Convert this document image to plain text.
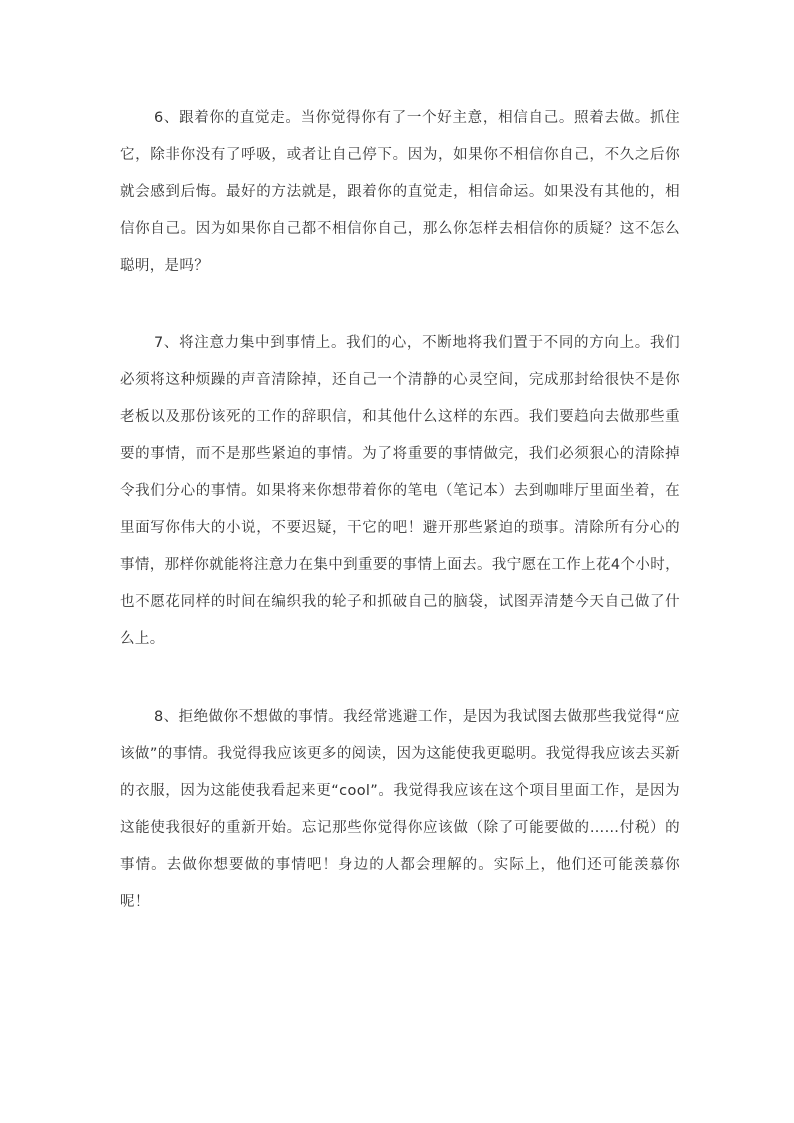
6、跟着你的直觉走。当你觉得你有了一个好主意，相信自己。照着去做。抓住它，除非你没有了呼吸，或者让自己停下。因为，如果你不相信你自己，不久之后你就会感到后悔。最好的方法就是，跟着你的直觉走，相信命运。如果没有其他的，相信你自己。因为如果你自己都不相信你自己，那么你怎样去相信你的质疑？这不怎么聪明，是吗？

7、将注意力集中到事情上。我们的心，不断地将我们置于不同的方向上。我们必须将这种烦躁的声音清除掉，还自己一个清静的心灵空间，完成那封给很快不是你老板以及那份该死的工作的辞职信，和其他什么这样的东西。我们要趋向去做那些重要的事情，而不是那些紧迫的事情。为了将重要的事情做完，我们必须狠心的清除掉令我们分心的事情。如果将来你想带着你的笔电（笔记本）去到咖啡厅里面坐着，在里面写你伟大的小说，不要迟疑，干它的吧！避开那些紧迫的琐事。清除所有分心的事情，那样你就能将注意力在集中到重要的事情上面去。我宁愿在工作上花4个小时，也不愿花同样的时间在编织我的轮子和抓破自己的脑袋，试图弄清楚今天自己做了什么上。

8、拒绝做你不想做的事情。我经常逃避工作，是因为我试图去做那些我觉得“应该做”的事情。我觉得我应该更多的阅读，因为这能使我更聪明。我觉得我应该去买新的衣服，因为这能使我看起来更“cool”。我觉得我应该在这个项目里面工作，是因为这能使我很好的重新开始。忘记那些你觉得你应该做（除了可能要做的……付税）的事情。去做你想要做的事情吧！身边的人都会理解的。实际上，他们还可能羡慕你呢！
